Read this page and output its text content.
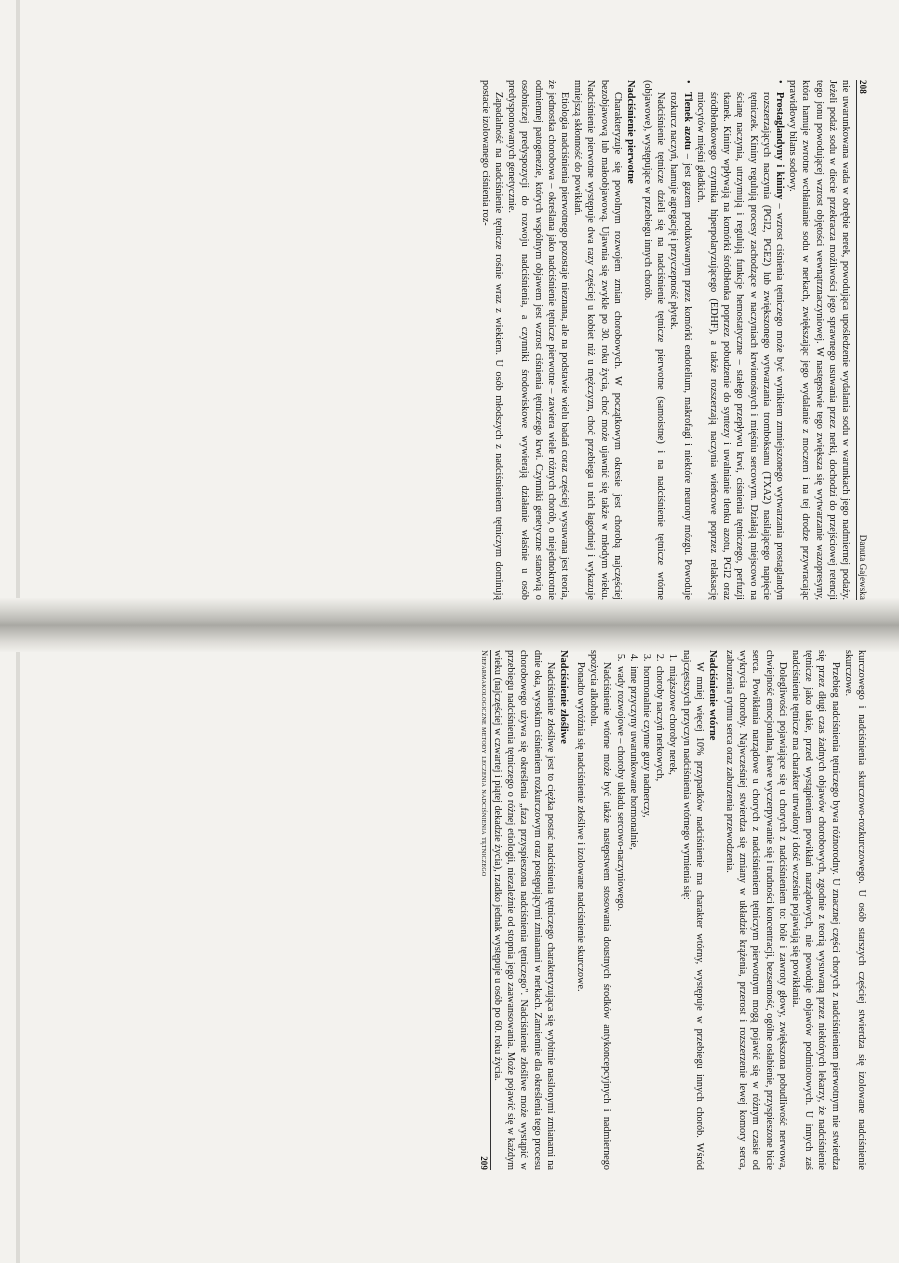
208
Danuta Gajewska

nie uwarunkowana wada w obrębie nerek, powodująca upośledzenie wydalania sodu w warunkach jego nadmiernej podaży. Jeżeli podaż sodu w diecie przekracza możliwości jego sprawnego usuwania przez nerki, dochodzi do przejściowej retencji tego jonu powodującej wzrost objętości wewnątrznaczyniowej. W następstwie tego zwiększa się wytwarzanie wazopresyny, która hamuje zwrotne wchłanianie sodu w nerkach, zwiększając jego wydalanie z moczem i na tej drodze przywracając prawidłowy bilans sodowy.

• Prostaglandyny i kininy – wzrost ciśnienia tętniczego może być wynikiem zmniejszonego wytwarzania prostaglandyn rozszerzających naczynia (PGI2, PGE2) lub zwiększonego wytwarzania tromboksanu (TXA2) nasilającego napięcie tętniczek. Kininy regulują procesy zachodzące w naczyniach krwionośnych i mięśniu sercowym. Działają miejscowo na ścianę naczynia, utrzymują i regulują funkcje hemostatyczne – stałego przepływu krwi, ciśnienia tętniczego, perfuzji tkanek. Kininy wpływają na komórki śródbłonka poprzez pobudzenie do syntezy i uwalnianie tlenku azotu, PGI2 oraz śródbłonkowego czynnika hiperpolaryzującego (EDHF), a także rozszerzają naczynia wieńcowe poprzez relaksację miocytów mięśni gładkich.

• Tlenek azotu – jest gazem produkowanym przez komórki endotelium, makrofagi i niektóre neurony mózgu. Powoduje rozkurcz naczyń, hamuje agregację i przyczepność płytek.

Nadciśnienie tętnicze dzieli się na nadciśnienie tętnicze pierwotne (samoistne) i na nadciśnienie tętnicze wtórne (objawowe), występujące w przebiegu innych chorób.

Nadciśnienie pierwotne

Charakteryzuje się powolnym rozwojem zmian chorobowych. W początkowym okresie jest chorobą najczęściej bezobjawową lub małoobjawową. Ujawnia się zwykle po 30. roku życia, choć może ujawnić się także w młodym wieku. Nadciśnienie pierwotne występuje dwa razy częściej u kobiet niż u mężczyzn, choć przebiega u nich łagodniej i wykazuje mniejszą skłonność do powikłań.

Etiologia nadciśnienia pierwotnego pozostaje nieznana, ale na podstawie wielu badań coraz częściej wysuwana jest teoria, że jednostka chorobowa – określana jako nadciśnienie tętnicze pierwotne – zawiera wiele różnych chorób, o niejednokrotnie odmiennej patogenezie, których wspólnym objawem jest wzrost ciśnienia tętniczego krwi. Czynniki genetyczne stanowią o osobniczej predyspozycji do rozwoju nadciśnienia, a czynniki środowiskowe wywierają działanie właśnie u osób predysponowanych genetycznie.

Zapadalność na nadciśnienie tętnicze rośnie wraz z wiekiem. U osób młodszych z nadciśnieniem tętniczym dominują postacie izolowanego ciśnienia roz-

kurczowego i nadciśnienia skurczowo-rozkurczowego. U osób starszych częściej stwierdza się izolowane nadciśnienie skurczowe.

Przebieg nadciśnienia tętniczego bywa różnorodny. U znacznej części chorych z nadciśnieniem pierwotnym nie stwierdza się przez długi czas żadnych objawów chorobowych, zgodnie z teorią wysuwaną przez niektórych lekarzy, że nadciśnienie tętnicze jako takie, przed wystąpieniem powikłań narządowych, nie powoduje objawów podmiotowych. U innych zaś nadciśnienie tętnicze ma charakter utrwalony i dość wcześnie pojawiają się powikłania.

Dolegliwości pojawiające się u chorych z nadciśnieniem to: bóle i zawroty głowy, zwiększona pobudliwość nerwowa, chwiejność emocjonalna, łatwe wyczerpywanie się i trudności koncentracji, bezsenność, ogólne osłabienie, przyspieszone bicie serca. Powikłania narządowe u chorych z nadciśnieniem tętniczym pierwotnym mogą pojawić się w różnym czasie od wykrycia choroby. Najwcześniej stwierdza się zmiany w układzie krążenia, przerost i rozszerzenie lewej komory serca, zaburzenia rytmu serca oraz zaburzenia przewodzenia.

Nadciśnienie wtórne

W mniej więcej 10% przypadków nadciśnienie ma charakter wtórny, występuje w przebiegu innych chorób. Wśród najczęstszych przyczyn nadciśnienia wtórnego wymienia się:

1. miąższowe choroby nerek,
2. choroby naczyń nerkowych,
3. hormonalnie czynne guzy nadnerczy,
4. inne przyczyny uwarunkowane hormonalnie,
5. wady rozwojowe – choroby układu sercowo-naczyniowego.

Nadciśnienie wtórne może być także następstwem stosowania doustnych środków antykoncepcyjnych i nadmiernego spożycia alkoholu.

Ponadto wyróżnia się nadciśnienie złośliwe i izolowane nadciśnienie skurczowe.

Nadciśnienie złośliwe

Nadciśnienie złośliwe jest to ciężka postać nadciśnienia tętniczego charakteryzująca się wybitnie nasilonymi zmianami na dnie oka, wysokim ciśnieniem rozkurczowym oraz postępującymi zmianami w nerkach. Zamiennie dla określenia tego procesu chorobowego używa się określenia „faza przyspieszona nadciśnienia tętniczego". Nadciśnienie złośliwe może wystąpić w przebiegu nadciśnienia tętniczego o różnej etiologii, niezależnie od stopnia jego zaawansowania. Może pojawić się w każdym wieku (najczęściej w czwartej i piątej dekadzie życia), rzadko jednak występuje u osób po 60. roku życia.

Niefarmakologiczne metody leczenia nadciśnienia tętniczego
209
